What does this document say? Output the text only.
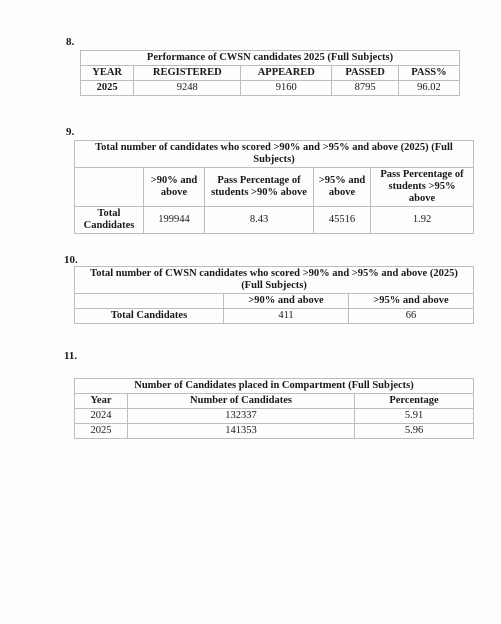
8.
Performance of CWSN candidates 2025 (Full Subjects)				
YEAR	REGISTERED	APPEARED	PASSED	PASS%
2025	9248	9160	8795	96.02
9.
Total number of candidates who scored >90% and >95% and above (2025) (Full Subjects)				
	>90% and above	Pass Percentage of students >90% above	>95% and above	Pass Percentage of students >95% above
Total Candidates	199944	8.43	45516	1.92
10.
Total number of CWSN candidates who scored >90% and >95% and above (2025) (Full Subjects)		
	>90% and above	>95% and above
Total Candidates	411	66
11.
Number of Candidates placed in Compartment (Full Subjects)		
Year	Number of Candidates	Percentage
2024	132337	5.91
2025	141353	5.96
